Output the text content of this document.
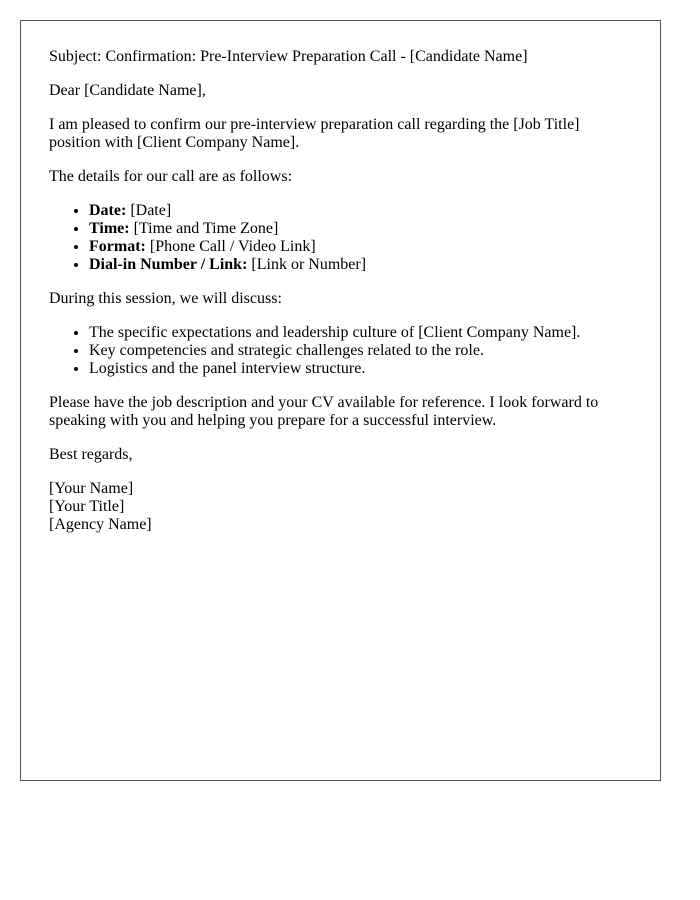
Subject: Confirmation: Pre-Interview Preparation Call - [Candidate Name]

Dear [Candidate Name],

I am pleased to confirm our pre-interview preparation call regarding the [Job Title] position with [Client Company Name].

The details for our call are as follows:

• Date: [Date]
• Time: [Time and Time Zone]
• Format: [Phone Call / Video Link]
• Dial-in Number / Link: [Link or Number]

During this session, we will discuss:

• The specific expectations and leadership culture of [Client Company Name].
• Key competencies and strategic challenges related to the role.
• Logistics and the panel interview structure.

Please have the job description and your CV available for reference. I look forward to speaking with you and helping you prepare for a successful interview.

Best regards,

[Your Name]
[Your Title]
[Agency Name]
